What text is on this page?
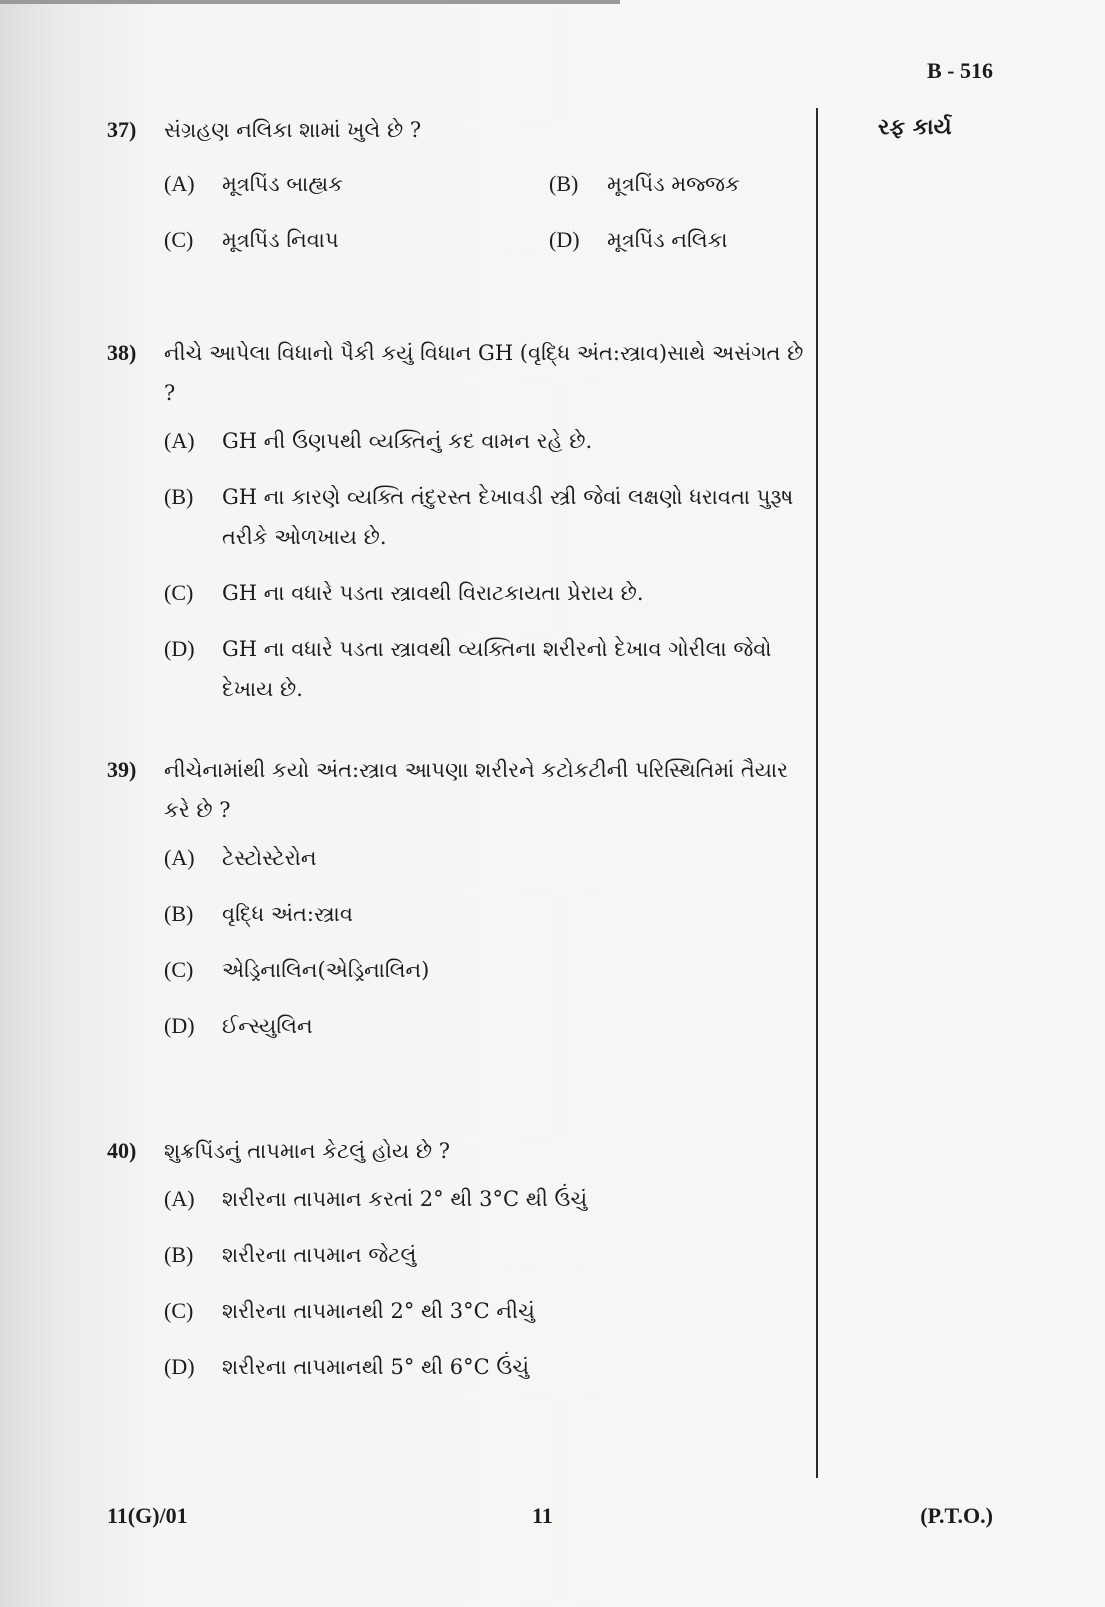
B - 516
રફ કાર્ય
37) સંગ્રહણ નલિકા શામાં ખુલે છે ?
(A)	મૂત્રપિંડ બાહ્યક	(B)	મૂત્રપિંડ મજ્જક
(C)	મૂત્રપિંડ નિવાપ	(D)	મૂત્રપિંડ નલિકા
38) નીચે આપેલા વિધાનો પૈકી કયું વિધાન GH (વૃદ્ધિ અંત:સ્ત્રાવ)સાથે અસંગત છે ?
(A)	GH ની ઉણપથી વ્યક્તિનું કદ વામન રહે છે.
(B)	GH ના કારણે વ્યક્તિ તંદુરસ્ત દેખાવડી સ્ત્રી જેવાં લક્ષણો ધરાવતા પુરૂષ તરીકે ઓળખાય છે.
(C)	GH ના વધારે પડતા સ્ત્રાવથી વિરાટકાયતા પ્રેરાય છે.
(D)	GH ના વધારે પડતા સ્ત્રાવથી વ્યક્તિના શરીરનો દેખાવ ગોરીલા જેવો દેખાય છે.
39) નીચેનામાંથી કયો અંત:સ્ત્રાવ આપણા શરીરને કટોકટીની પરિસ્થિતિમાં તૈયાર કરે છે ?
(A)	ટેસ્ટોસ્ટેરોન
(B)	વૃદ્ધિ અંત:સ્ત્રાવ
(C)	એડ્રિનાલિન(એડ્રિનાલિન)
(D)	ઈન્સ્યુલિન
40) શુક્રપિંડનું તાપમાન કેટલું હોય છે ?
(A)	શરીરના તાપમાન કરતાં 2° થી 3°C થી ઉંચું
(B)	શરીરના તાપમાન જેટલું
(C)	શરીરના તાપમાનથી 2° થી 3°C નીચું
(D)	શરીરના તાપમાનથી 5° થી 6°C ઉંચું
11(G)/01	11	(P.T.O.)
